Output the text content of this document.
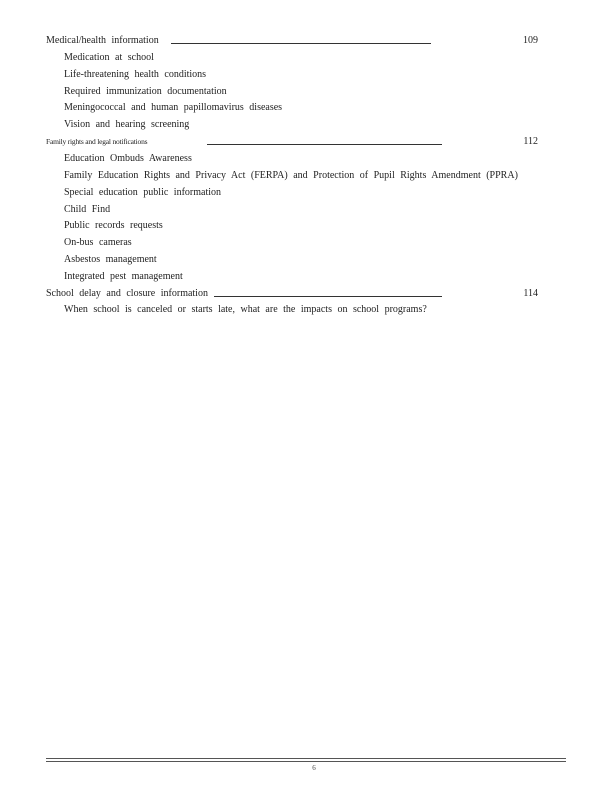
Medical/health information	109
Medication at school
Life-threatening health conditions
Required immunization documentation
Meningococcal and human papillomavirus diseases
Vision and hearing screening
Family rights and legal notifications	112
Education Ombuds Awareness
Family Education Rights and Privacy Act (FERPA) and Protection of Pupil Rights Amendment (PPRA)
Special education public information
Child Find
Public records requests
On-bus cameras
Asbestos management
Integrated pest management
School delay and closure information	114
When school is canceled or starts late, what are the impacts on school programs?
6
